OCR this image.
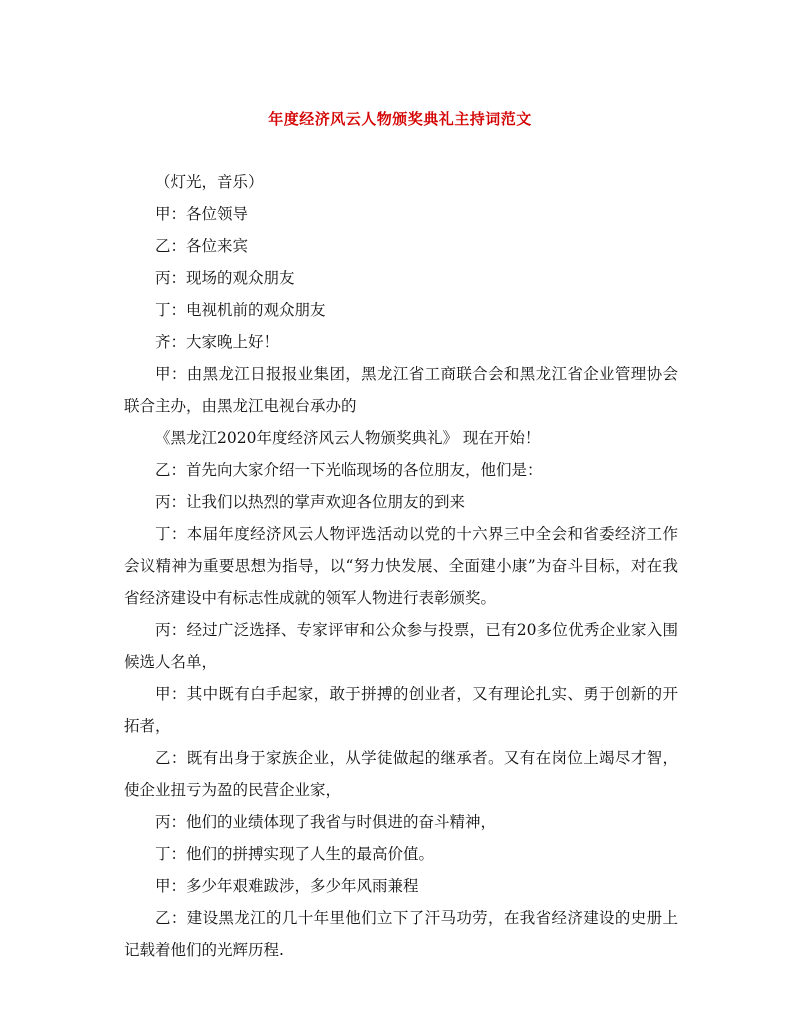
年度经济风云人物颁奖典礼主持词范文

（灯光，音乐）

甲：各位领导

乙：各位来宾

丙：现场的观众朋友

丁：电视机前的观众朋友

齐：大家晚上好！

甲：由黑龙江日报报业集团，黑龙江省工商联合会和黑龙江省企业管理协会联合主办，由黑龙江电视台承办的

《黑龙江2020年度经济风云人物颁奖典礼》 现在开始！

乙：首先向大家介绍一下光临现场的各位朋友，他们是：

丙：让我们以热烈的掌声欢迎各位朋友的到来

丁：本届年度经济风云人物评选活动以党的十六界三中全会和省委经济工作会议精神为重要思想为指导，以“努力快发展、全面建小康”为奋斗目标，对在我省经济建设中有标志性成就的领军人物进行表彰颁奖。

丙：经过广泛选择、专家评审和公众参与投票，已有20多位优秀企业家入围候选人名单，

甲：其中既有白手起家，敢于拼搏的创业者，又有理论扎实、勇于创新的开拓者，

乙：既有出身于家族企业，从学徒做起的继承者。又有在岗位上竭尽才智，使企业扭亏为盈的民营企业家，

丙：他们的业绩体现了我省与时俱进的奋斗精神，

丁：他们的拼搏实现了人生的最高价值。

甲：多少年艰难跋涉，多少年风雨兼程

乙：建设黑龙江的几十年里他们立下了汗马功劳，在我省经济建设的史册上记载着他们的光辉历程.
